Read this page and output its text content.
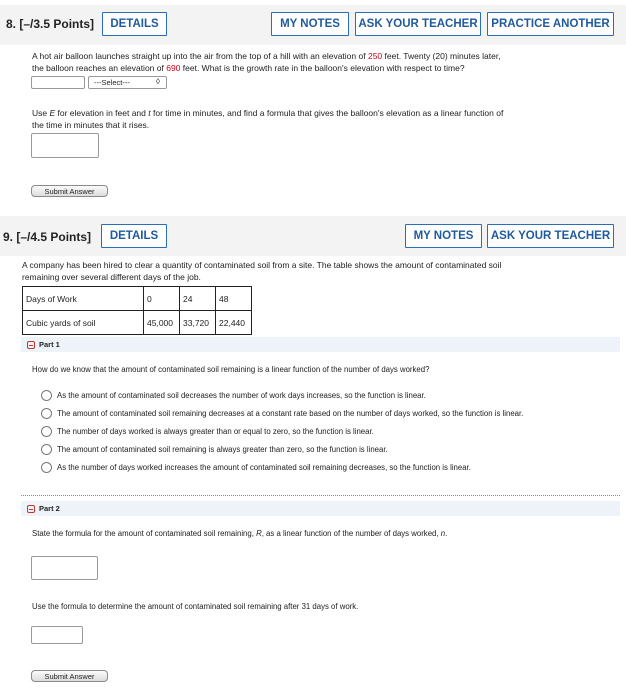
8. [–/3.5 Points]	DETAILS	MY NOTES	ASK YOUR TEACHER	PRACTICE ANOTHER
A hot air balloon launches straight up into the air from the top of a hill with an elevation of 250 feet. Twenty (20) minutes later,
the balloon reaches an elevation of 690 feet. What is the growth rate in the balloon's elevation with respect to time?
---Select---	◊
Use E for elevation in feet and t for time in minutes, and find a formula that gives the balloon's elevation as a linear function of
the time in minutes that it rises.
Submit Answer
9. [–/4.5 Points]	DETAILS	MY NOTES	ASK YOUR TEACHER
A company has been hired to clear a quantity of contaminated soil from a site. The table shows the amount of contaminated soil
remaining over several different days of the job.
Days of Work	0	24	48
Cubic yards of soil	45,000	33,720	22,440
Part 1
How do we know that the amount of contaminated soil remaining is a linear function of the number of days worked?
As the amount of contaminated soil decreases the number of work days increases, so the function is linear.
The amount of contaminated soil remaining decreases at a constant rate based on the number of days worked, so the function is linear.
The number of days worked is always greater than or equal to zero, so the function is linear.
The amount of contaminated soil remaining is always greater than zero, so the function is linear.
As the number of days worked increases the amount of contaminated soil remaining decreases, so the function is linear.
Part 2
State the formula for the amount of contaminated soil remaining, R, as a linear function of the number of days worked, n.
Use the formula to determine the amount of contaminated soil remaining after 31 days of work.
Submit Answer
